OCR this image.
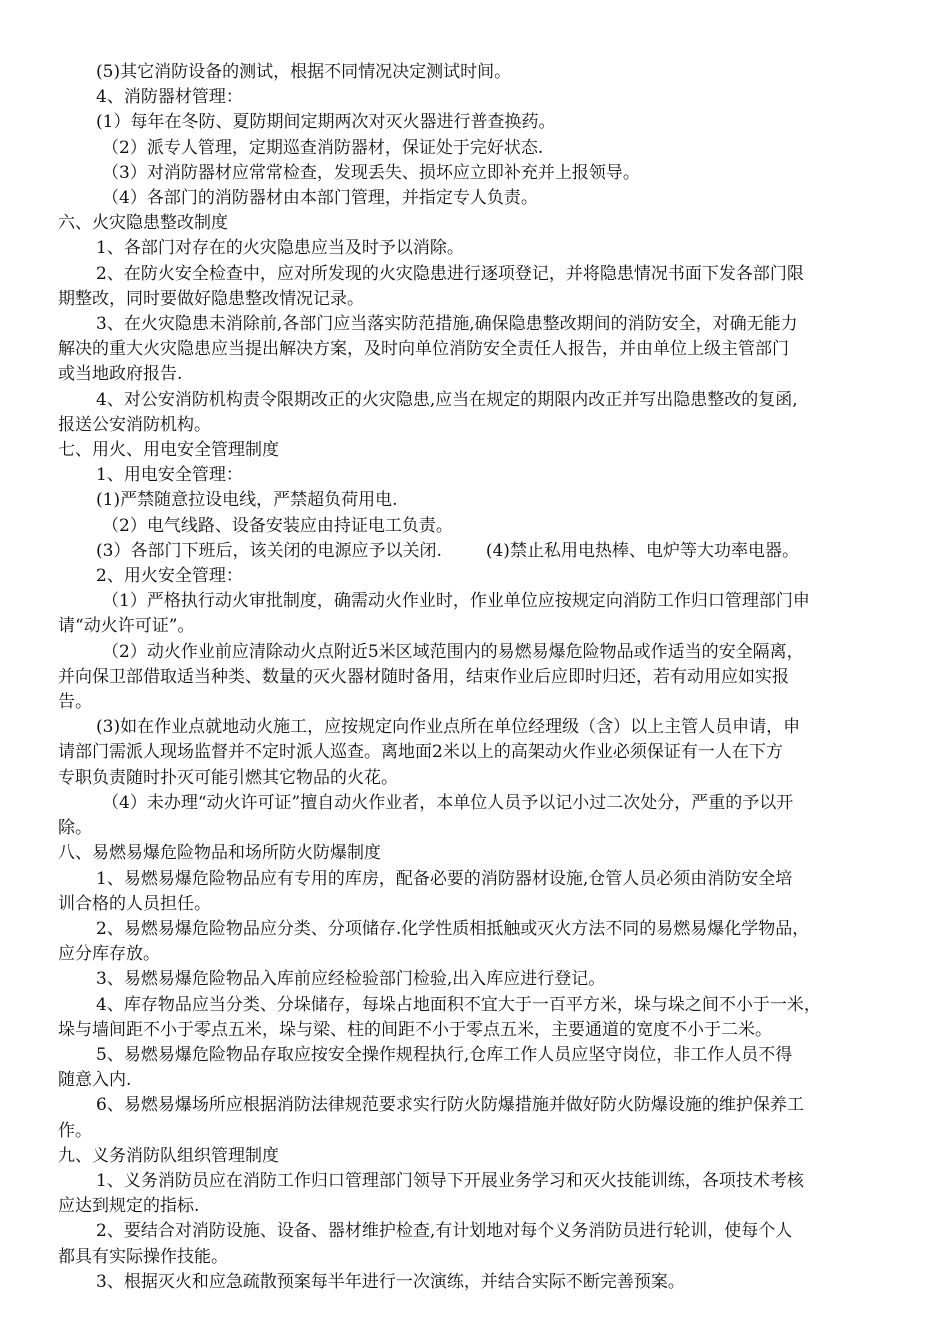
(5)其它消防设备的测试，根据不同情况决定测试时间。
4、消防器材管理：
(1）每年在冬防、夏防期间定期两次对灭火器进行普查换药。
（2）派专人管理，定期巡查消防器材，保证处于完好状态.
（3）对消防器材应常常检查，发现丢失、损坏应立即补充并上报领导。
（4）各部门的消防器材由本部门管理，并指定专人负责。
六、火灾隐患整改制度
1、各部门对存在的火灾隐患应当及时予以消除。
2、在防火安全检查中，应对所发现的火灾隐患进行逐项登记，并将隐患情况书面下发各部门限
期整改，同时要做好隐患整改情况记录。
3、在火灾隐患未消除前,各部门应当落实防范措施,确保隐患整改期间的消防安全，对确无能力
解决的重大火灾隐患应当提出解决方案，及时向单位消防安全责任人报告，并由单位上级主管部门
或当地政府报告.
4、对公安消防机构责令限期改正的火灾隐患,应当在规定的期限内改正并写出隐患整改的复函,
报送公安消防机构。
七、用火、用电安全管理制度
1、用电安全管理：
(1)严禁随意拉设电线，严禁超负荷用电.
（2）电气线路、设备安装应由持证电工负责。
(3）各部门下班后，该关闭的电源应予以关闭.	(4)禁止私用电热棒、电炉等大功率电器。
2、用火安全管理：
（1）严格执行动火审批制度，确需动火作业时，作业单位应按规定向消防工作归口管理部门申
请“动火许可证”。
（2）动火作业前应清除动火点附近5米区域范围内的易燃易爆危险物品或作适当的安全隔离，
并向保卫部借取适当种类、数量的灭火器材随时备用，结束作业后应即时归还，若有动用应如实报
告。
(3)如在作业点就地动火施工，应按规定向作业点所在单位经理级（含）以上主管人员申请，申
请部门需派人现场监督并不定时派人巡查。离地面2米以上的高架动火作业必须保证有一人在下方
专职负责随时扑灭可能引燃其它物品的火花。
（4）未办理“动火许可证”擅自动火作业者，本单位人员予以记小过二次处分，严重的予以开
除。
八、易燃易爆危险物品和场所防火防爆制度
1、易燃易爆危险物品应有专用的库房，配备必要的消防器材设施,仓管人员必须由消防安全培
训合格的人员担任。
2、易燃易爆危险物品应分类、分项储存.化学性质相抵触或灭火方法不同的易燃易爆化学物品，
应分库存放。
3、易燃易爆危险物品入库前应经检验部门检验,出入库应进行登记。
4、库存物品应当分类、分垛储存，每垛占地面积不宜大于一百平方米，垛与垛之间不小于一米，
垛与墙间距不小于零点五米，垛与梁、柱的间距不小于零点五米，主要通道的宽度不小于二米。
5、易燃易爆危险物品存取应按安全操作规程执行,仓库工作人员应坚守岗位，非工作人员不得
随意入内.
6、易燃易爆场所应根据消防法律规范要求实行防火防爆措施并做好防火防爆设施的维护保养工
作。
九、义务消防队组织管理制度
1、义务消防员应在消防工作归口管理部门领导下开展业务学习和灭火技能训练，各项技术考核
应达到规定的指标.
2、要结合对消防设施、设备、器材维护检查,有计划地对每个义务消防员进行轮训，使每个人
都具有实际操作技能。
3、根据灭火和应急疏散预案每半年进行一次演练，并结合实际不断完善预案。
